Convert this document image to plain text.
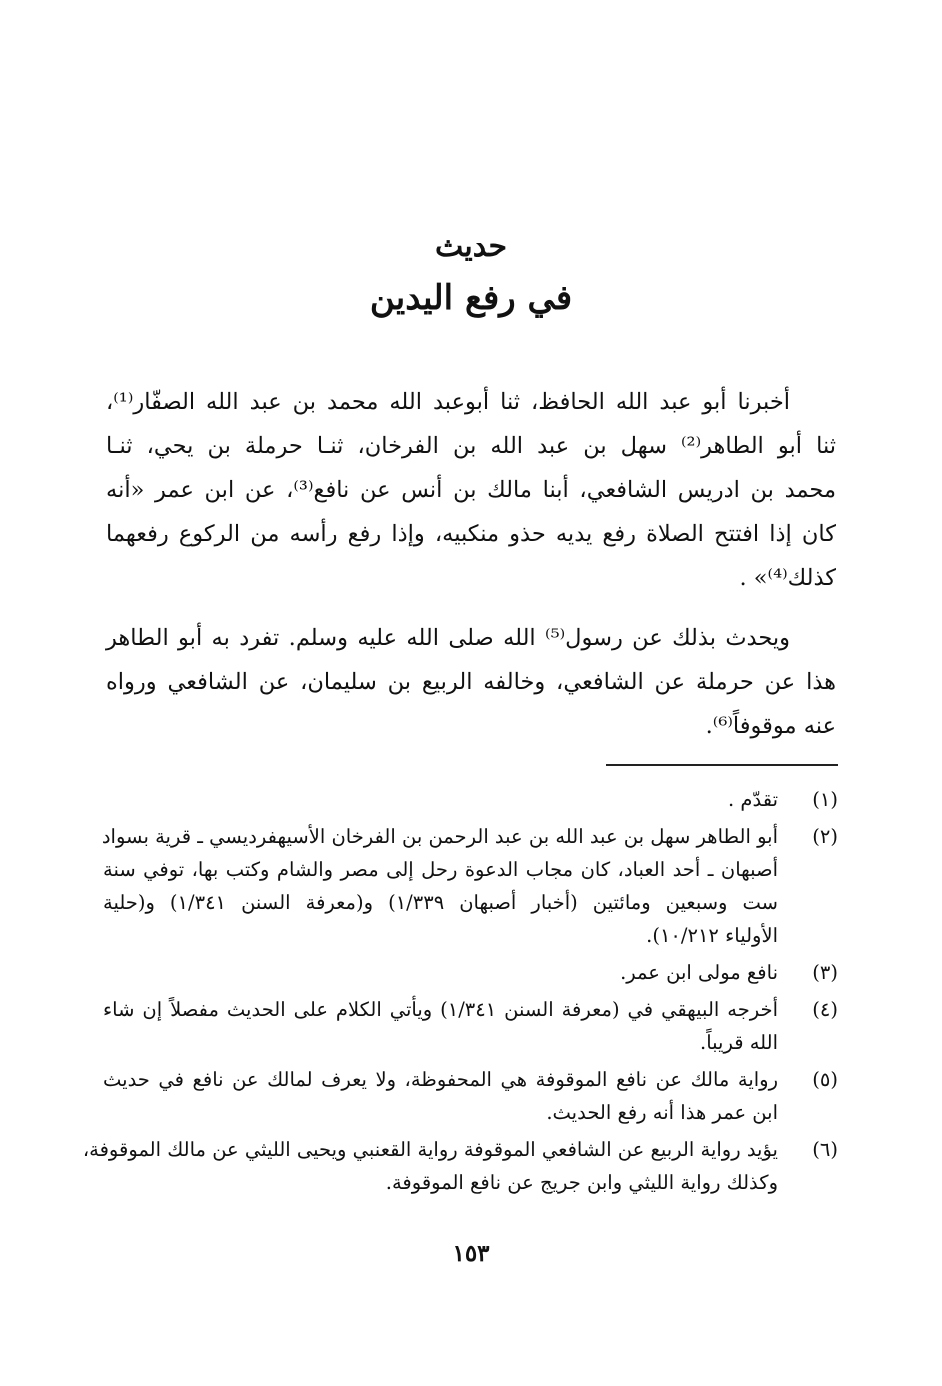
حديث
في رفع اليدين

أخبرنا أبو عبد الله الحافظ، ثنا أبوعبد الله محمد بن عبد الله الصفّار⁽¹⁾،
ثنا أبو الطاهر⁽²⁾ سهل بن عبد الله بن الفرخان، ثنـا حرملة بن يحي، ثنـا
محمد بن ادريس الشافعي، أبنا مالك بن أنس عن نافع⁽³⁾، عن ابن عمر «أنه
كان إذا افتتح الصلاة رفع يديه حذو منكبيه، وإذا رفع رأسه من الركوع رفعهما
كذلك⁽⁴⁾» .

ويحدث بذلك عن رسول⁽⁵⁾ الله صلى الله عليه وسلم. تفرد به أبو الطاهر
هذا عن حرملة عن الشافعي، وخالفه الربيع بن سليمان، عن الشافعي ورواه
عنه موقوفاً⁽⁶⁾.

(١)
تقدّم .
(٢)
أبو الطاهر سهل بن عبد الله بن عبد الرحمن بن الفرخان الأسيهفرديسي ـ قرية بسواد
أصبهان ـ أحد العباد، كان مجاب الدعوة رحل إلى مصر والشام وكتب بها، توفي سنة
ست وسبعين ومائتين (أخبار أصبهان ١/٣٣٩) و(معرفة السنن ١/٣٤١) و(حلية
الأولياء ١٠/٢١٢).
(٣)
نافع مولى ابن عمر.
(٤)
أخرجه البيهقي في (معرفة السنن ١/٣٤١) ويأتي الكلام على الحديث مفصلاً إن شاء
الله قريباً.
(٥)
رواية مالك عن نافع الموقوفة هي المحفوظة، ولا يعرف لمالك عن نافع في حديث
ابن عمر هذا أنه رفع الحديث.
(٦)
يؤيد رواية الربيع عن الشافعي الموقوفة رواية القعنبي ويحيى الليثي عن مالك الموقوفة،
وكذلك رواية الليثي وابن جريج عن نافع الموقوفة.
١٥٣
